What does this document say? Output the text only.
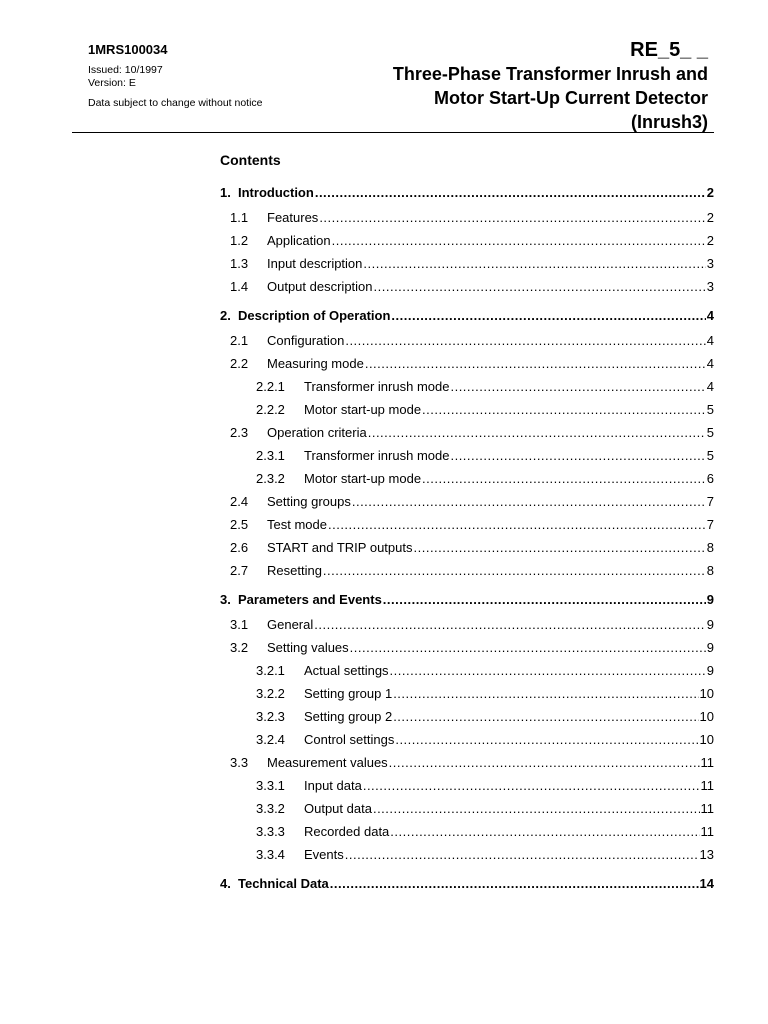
1MRS100034
Issued: 10/1997
Version: E
Data subject to change without notice
RE_5_ _
Three-Phase Transformer Inrush and
Motor Start-Up Current Detector
(Inrush3)
Contents
1. Introduction .....	2
1.1	Features .....	2
1.2	Application .....	2
1.3	Input description .....	3
1.4	Output description .....	3
2. Description of Operation .....	4
2.1	Configuration .....	4
2.2	Measuring mode .....	4
2.2.1	Transformer inrush mode .....	4
2.2.2	Motor start-up mode .....	5
2.3	Operation criteria .....	5
2.3.1	Transformer inrush mode .....	5
2.3.2	Motor start-up mode .....	6
2.4	Setting groups .....	7
2.5	Test mode .....	7
2.6	START and TRIP outputs .....	8
2.7	Resetting .....	8
3. Parameters and Events .....	9
3.1	General .....	9
3.2	Setting values .....	9
3.2.1	Actual settings .....	9
3.2.2	Setting group 1 .....	10
3.2.3	Setting group 2 .....	10
3.2.4	Control settings .....	10
3.3	Measurement values .....	11
3.3.1	Input data .....	11
3.3.2	Output data .....	11
3.3.3	Recorded data .....	11
3.3.4	Events .....	13
4. Technical Data .....	14
